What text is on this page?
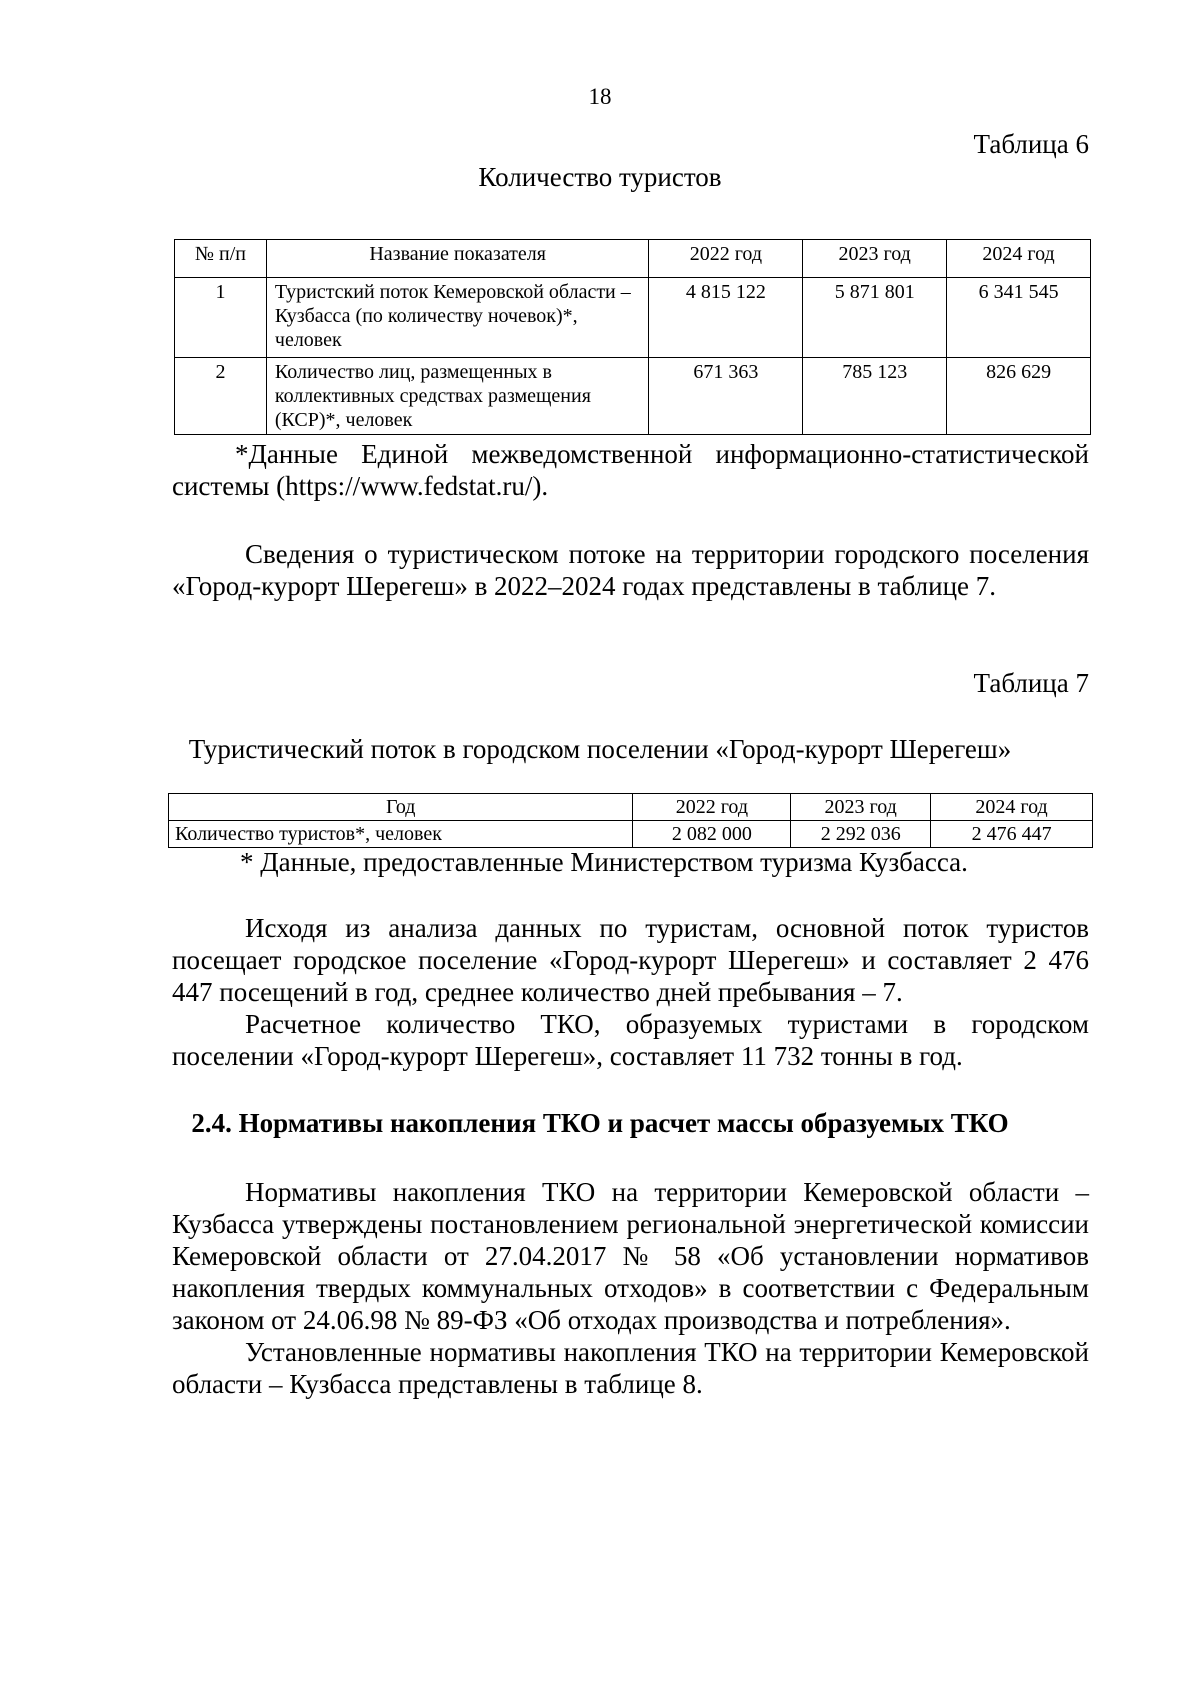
18
Таблица 6
Количество туристов
№ п/п	Название показателя	2022 год	2023 год	2024 год
1	Туристский поток Кемеровской области – Кузбасса (по количеству ночевок)*, человек	4 815 122	5 871 801	6 341 545
2	Количество лиц, размещенных в коллективных средствах размещения (КСР)*, человек	671 363	785 123	826 629

*Данные Единой межведомственной информационно-статистической системы (https://www.fedstat.ru/).

Сведения о туристическом потоке на территории городского поселения «Город-курорт Шерегеш» в 2022–2024 годах представлены в таблице 7.

Таблица 7
Туристический поток в городском поселении «Город-курорт Шерегеш»
Год	2022 год	2023 год	2024 год
Количество туристов*, человек	2 082 000	2 292 036	2 476 447
* Данные, предоставленные Министерством туризма Кузбасса.

Исходя из анализа данных по туристам, основной поток туристов посещает городское поселение «Город-курорт Шерегеш» и составляет 2 476 447 посещений в год, среднее количество дней пребывания – 7.

Расчетное количество ТКО, образуемых туристами в городском поселении «Город-курорт Шерегеш», составляет 11 732 тонны в год.

2.4. Нормативы накопления ТКО и расчет массы образуемых ТКО

Нормативы накопления ТКО на территории Кемеровской области – Кузбасса утверждены постановлением региональной энергетической комиссии Кемеровской области от 27.04.2017 № 58 «Об установлении нормативов накопления твердых коммунальных отходов» в соответствии с Федеральным законом от 24.06.98 № 89-ФЗ «Об отходах производства и потребления».

Установленные нормативы накопления ТКО на территории Кемеровской области – Кузбасса представлены в таблице 8.
